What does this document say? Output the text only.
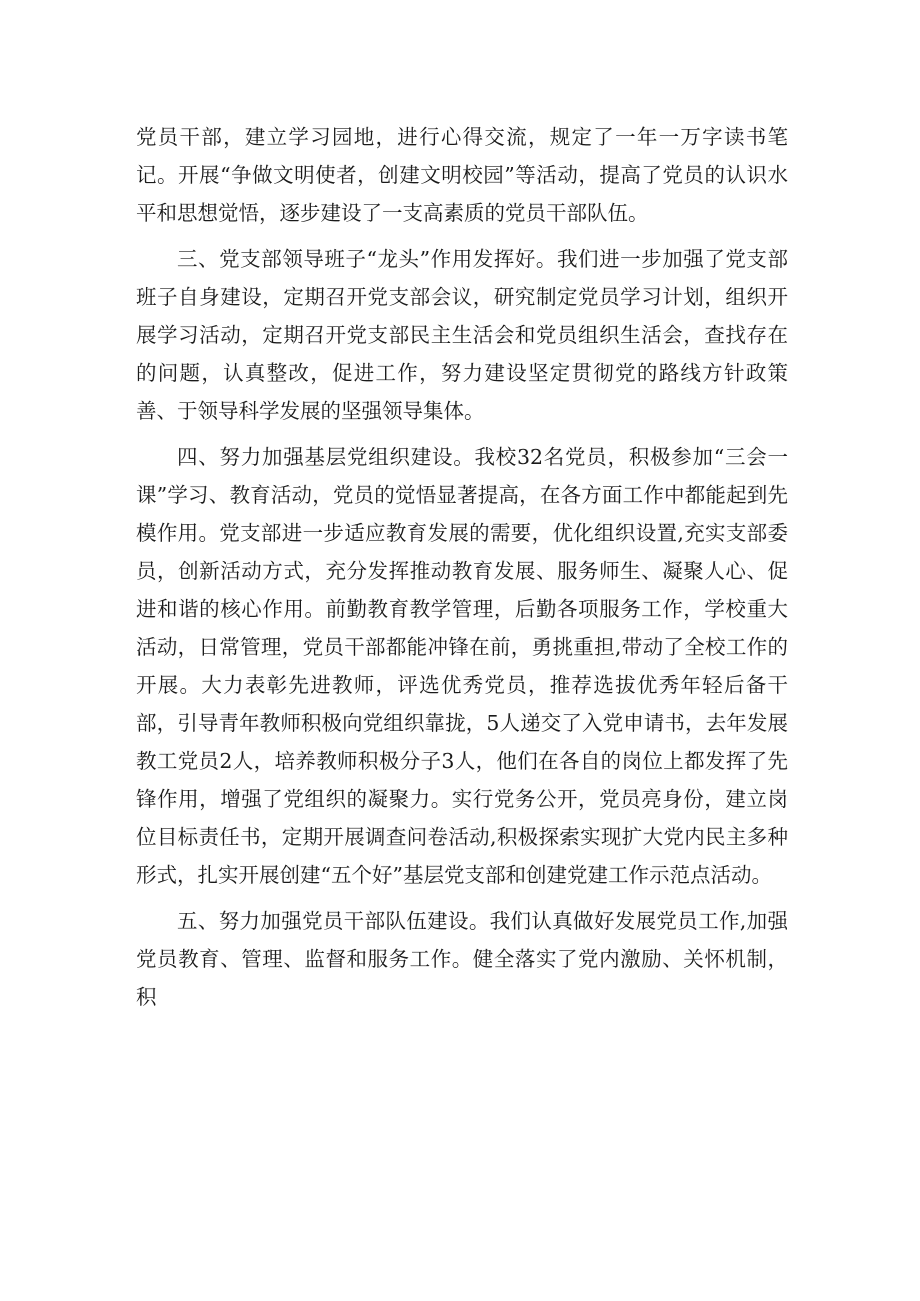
党员干部，建立学习园地，进行心得交流，规定了一年一万字读书笔记。开展“争做文明使者，创建文明校园”等活动，提高了党员的认识水平和思想觉悟，逐步建设了一支高素质的党员干部队伍。

三、党支部领导班子“龙头”作用发挥好。我们进一步加强了党支部班子自身建设，定期召开党支部会议，研究制定党员学习计划，组织开展学习活动，定期召开党支部民主生活会和党员组织生活会，查找存在的问题，认真整改，促进工作，努力建设坚定贯彻党的路线方针政策善、于领导科学发展的坚强领导集体。

四、努力加强基层党组织建设。我校32名党员，积极参加“三会一课”学习、教育活动，党员的觉悟显著提高，在各方面工作中都能起到先模作用。党支部进一步适应教育发展的需要，优化组织设置,充实支部委员，创新活动方式，充分发挥推动教育发展、服务师生、凝聚人心、促进和谐的核心作用。前勤教育教学管理，后勤各项服务工作，学校重大活动，日常管理，党员干部都能冲锋在前，勇挑重担,带动了全校工作的开展。大力表彰先进教师，评选优秀党员，推荐选拔优秀年轻后备干部，引导青年教师积极向党组织靠拢，5人递交了入党申请书，去年发展教工党员2人，培养教师积极分子3人，他们在各自的岗位上都发挥了先锋作用，增强了党组织的凝聚力。实行党务公开，党员亮身份，建立岗位目标责任书，定期开展调查问卷活动,积极探索实现扩大党内民主多种形式，扎实开展创建“五个好”基层党支部和创建党建工作示范点活动。

五、努力加强党员干部队伍建设。我们认真做好发展党员工作,加强党员教育、管理、监督和服务工作。健全落实了党内激励、关怀机制，积
